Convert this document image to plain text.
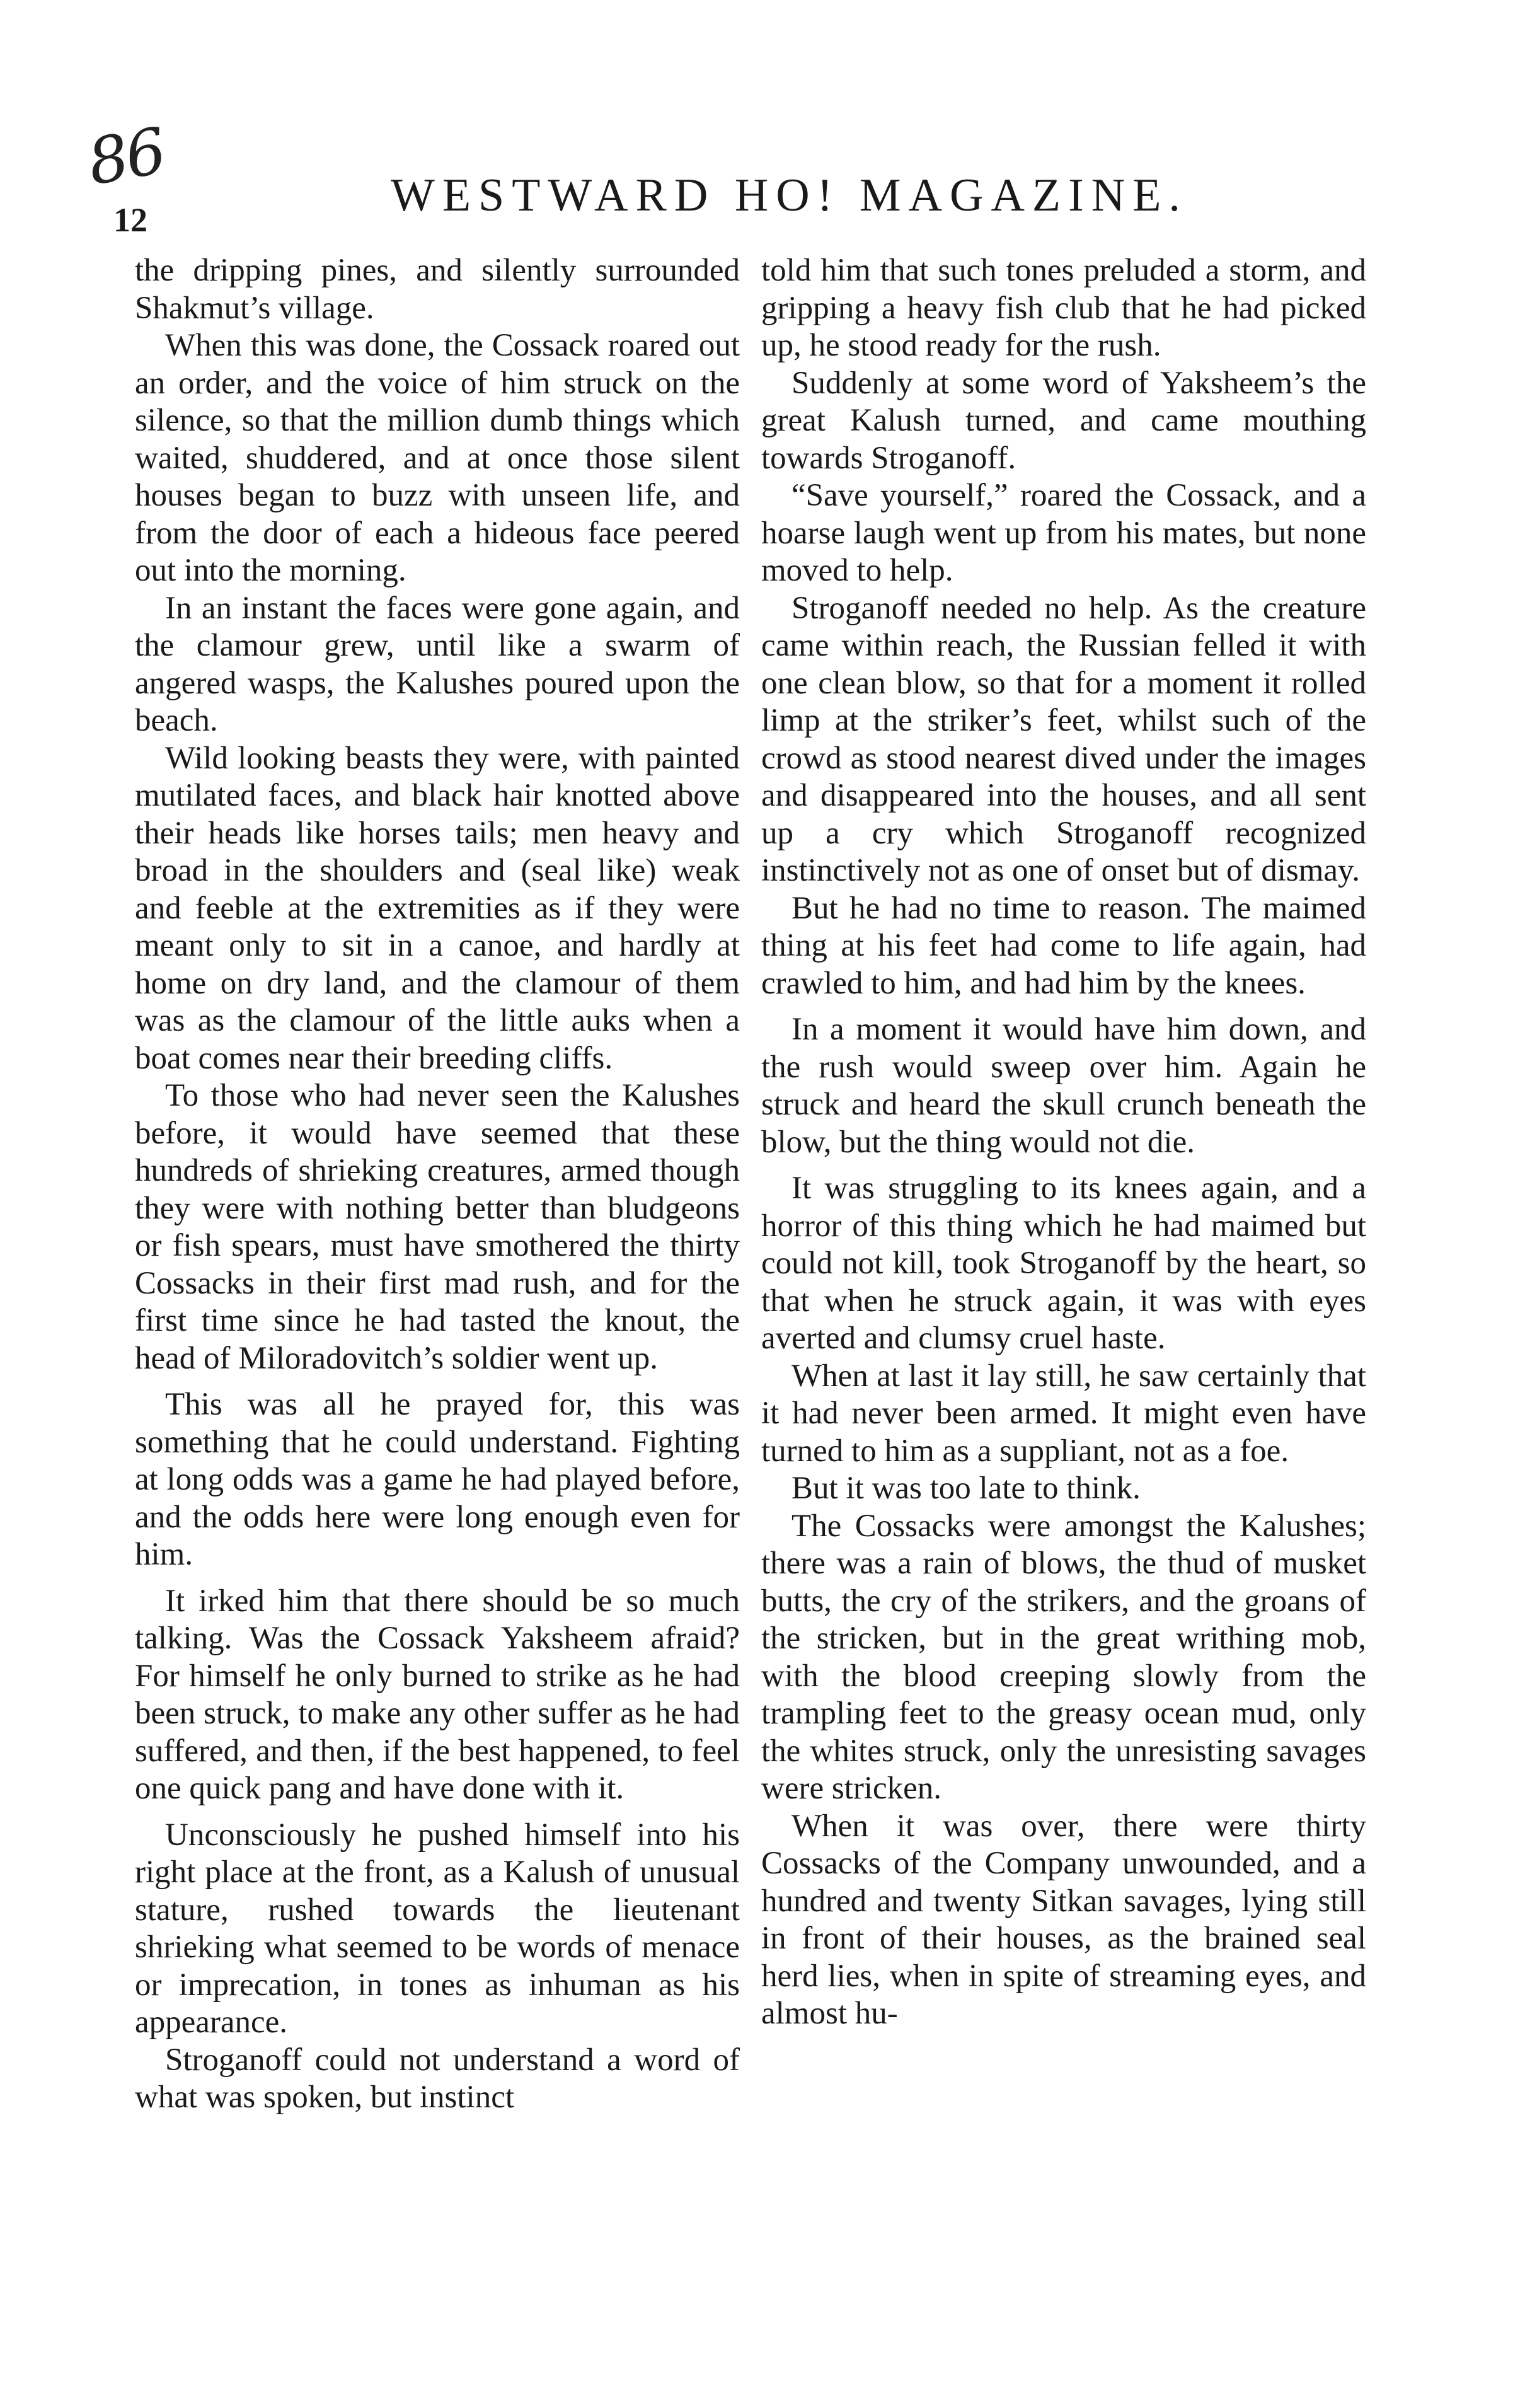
86
12	WESTWARD HO! MAGAZINE.

the dripping pines, and silently surrounded Shakmut’s village.

When this was done, the Cossack roared out an order, and the voice of him struck on the silence, so that the million dumb things which waited, shuddered, and at once those silent houses began to buzz with unseen life, and from the door of each a hideous face peered out into the morning.

In an instant the faces were gone again, and the clamour grew, until like a swarm of angered wasps, the Kalushes poured upon the beach.

Wild looking beasts they were, with painted mutilated faces, and black hair knotted above their heads like horses tails; men heavy and broad in the shoulders and (seal like) weak and feeble at the extremities as if they were meant only to sit in a canoe, and hardly at home on dry land, and the clamour of them was as the clamour of the little auks when a boat comes near their breeding cliffs.

To those who had never seen the Kalushes before, it would have seemed that these hundreds of shrieking creatures, armed though they were with nothing better than bludgeons or fish spears, must have smothered the thirty Cossacks in their first mad rush, and for the first time since he had tasted the knout, the head of Miloradovitch’s soldier went up.

This was all he prayed for, this was something that he could understand. Fighting at long odds was a game he had played before, and the odds here were long enough even for him.

It irked him that there should be so much talking. Was the Cossack Yaksheem afraid? For himself he only burned to strike as he had been struck, to make any other suffer as he had suffered, and then, if the best happened, to feel one quick pang and have done with it.

Unconsciously he pushed himself into his right place at the front, as a Kalush of unusual stature, rushed towards the lieutenant shrieking what seemed to be words of menace or imprecation, in tones as inhuman as his appearance.

Stroganoff could not understand a word of what was spoken, but instinct

told him that such tones preluded a storm, and gripping a heavy fish club that he had picked up, he stood ready for the rush.

Suddenly at some word of Yaksheem’s the great Kalush turned, and came mouthing towards Stroganoff.

“Save yourself,” roared the Cossack, and a hoarse laugh went up from his mates, but none moved to help.

Stroganoff needed no help. As the creature came within reach, the Russian felled it with one clean blow, so that for a moment it rolled limp at the striker’s feet, whilst such of the crowd as stood nearest dived under the images and disappeared into the houses, and all sent up a cry which Stroganoff recognized instinctively not as one of onset but of dismay.

But he had no time to reason. The maimed thing at his feet had come to life again, had crawled to him, and had him by the knees.

In a moment it would have him down, and the rush would sweep over him. Again he struck and heard the skull crunch beneath the blow, but the thing would not die.

It was struggling to its knees again, and a horror of this thing which he had maimed but could not kill, took Stroganoff by the heart, so that when he struck again, it was with eyes averted and clumsy cruel haste.

When at last it lay still, he saw certainly that it had never been armed. It might even have turned to him as a suppliant, not as a foe.

But it was too late to think.

The Cossacks were amongst the Kalushes; there was a rain of blows, the thud of musket butts, the cry of the strikers, and the groans of the stricken, but in the great writhing mob, with the blood creeping slowly from the trampling feet to the greasy ocean mud, only the whites struck, only the unresisting savages were stricken.

When it was over, there were thirty Cossacks of the Company unwounded, and a hundred and twenty Sitkan savages, lying still in front of their houses, as the brained seal herd lies, when in spite of streaming eyes, and almost hu-
